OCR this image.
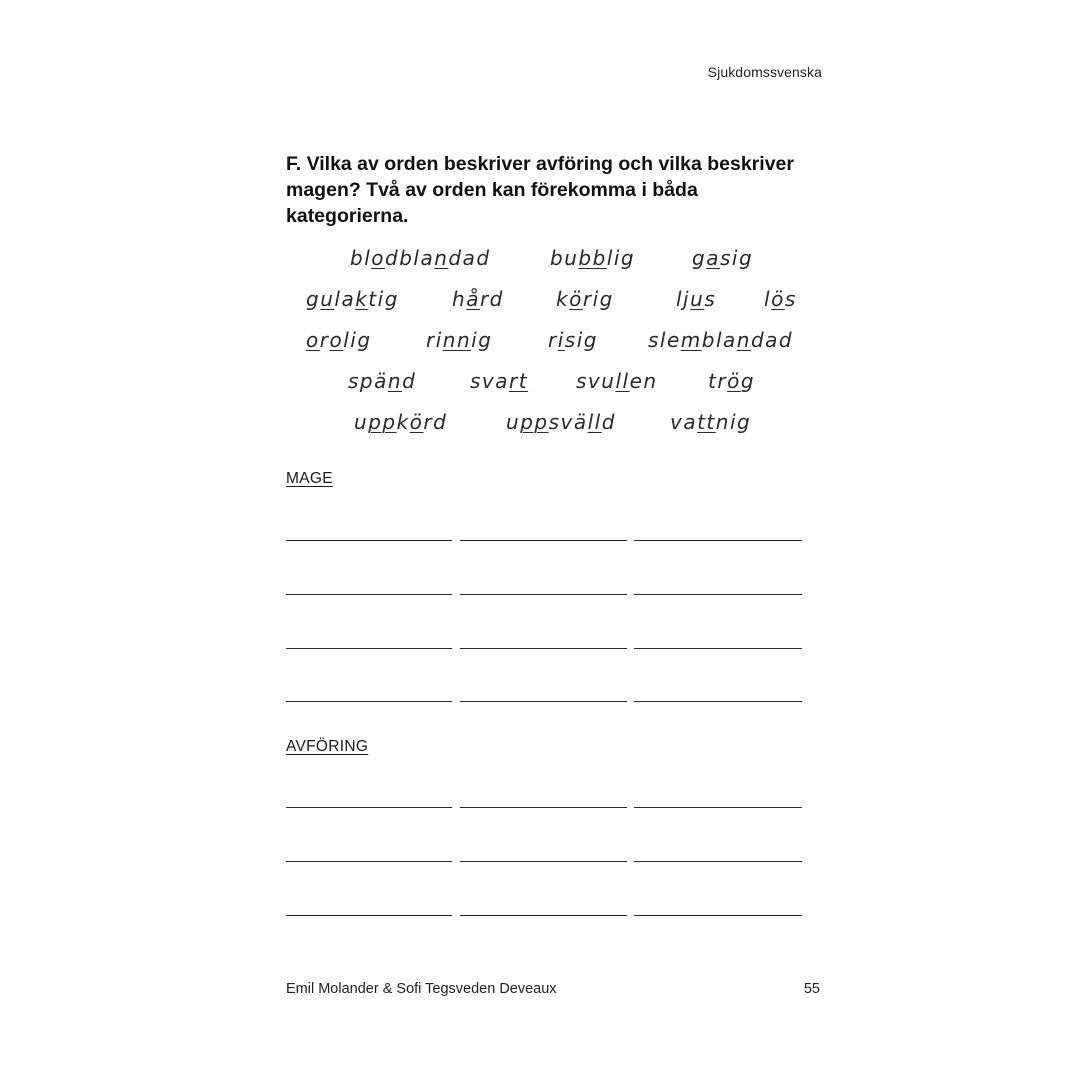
Sjukdomssvenska
F. Vilka av orden beskriver avföring och vilka beskriver magen? Två av orden kan förekomma i båda kategorierna.
blodblandad	bubblig	gasig
gulaktig	hård	körig	ljus lös
orolig	rinnig	risig	slemblandad
spänd	svart svullen	trög
uppkörd	uppsvälld	vattnig
MAGE
AVFÖRING
Emil Molander & Sofi Tegsveden Deveaux	55
